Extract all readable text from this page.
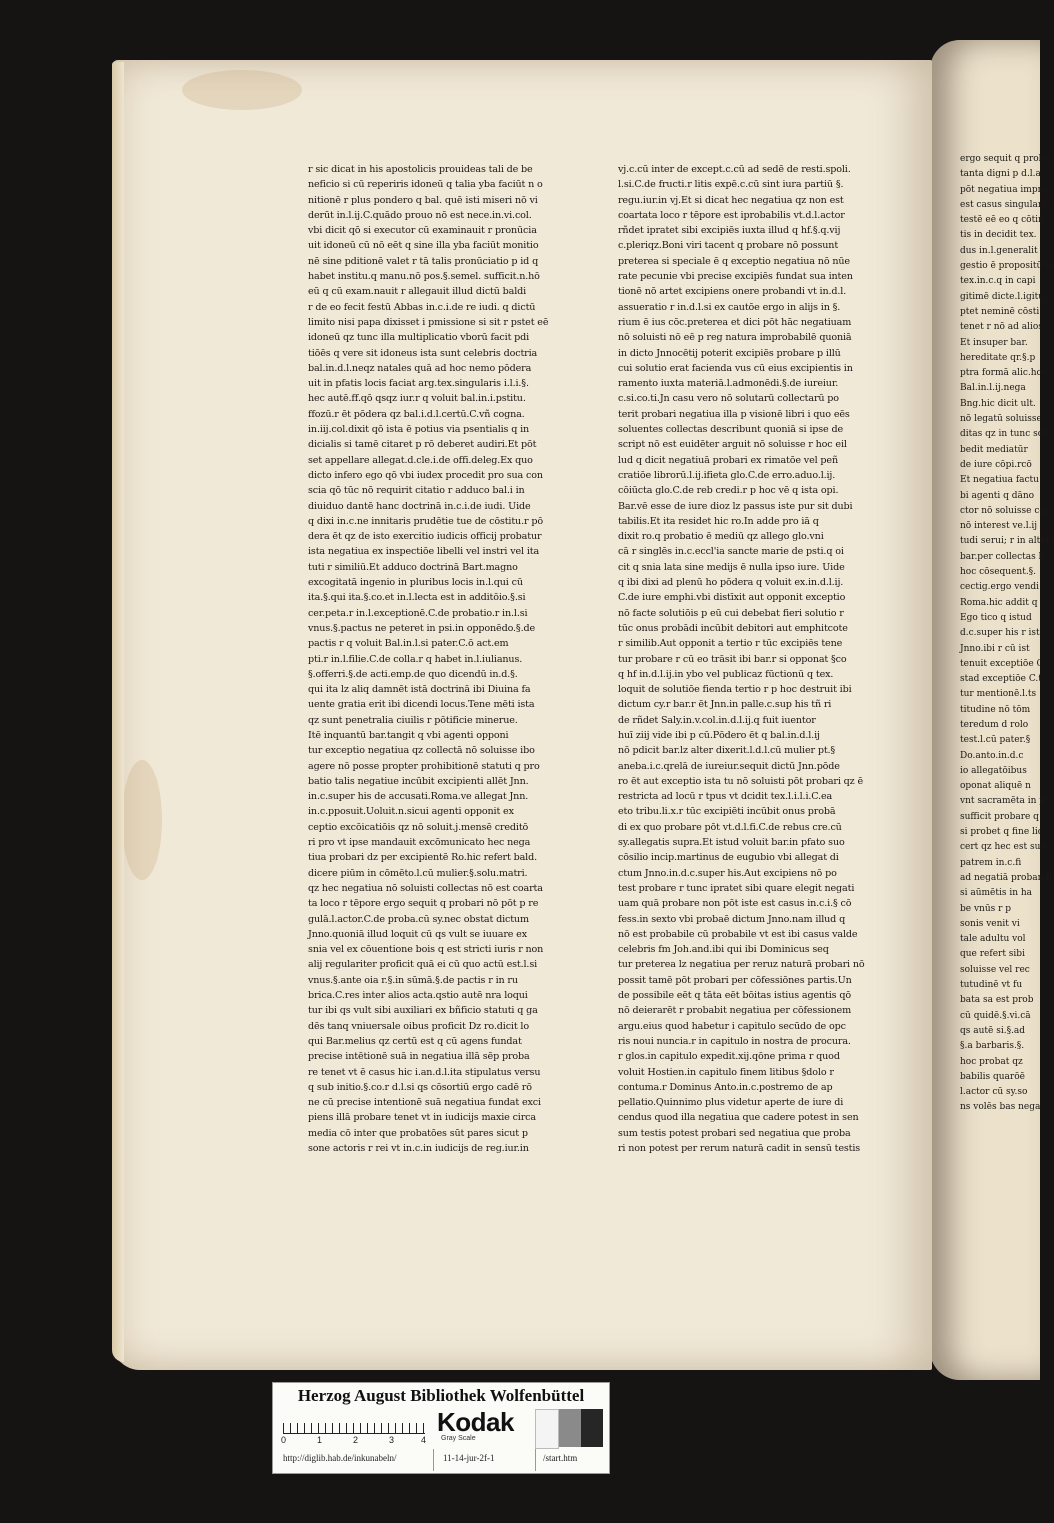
ergo sequit q proba
tanta digni p d.l.a
pōt negatiua impro
est casus singularis
testē eē eo q cōtin
tis in decidit tex.
dus in.l.generalit
gestio ē propositū te
tex.in.c.q in capi
gitimē dicte.l.igitu
ptet neminē cōsti
tenet r nō ad alios
Et insuper bar.
hereditate qr.§.p
ptra formā alic.hoc
Bal.in.l.ij.nega
Bng.hic dicit ult.
nō legatū soluisse
ditas qz in tunc solu
bedit mediatūr
de iure cōpi.rcō
Et negatiua factu
bi agenti q dāno
ctor nō soluisse col
nō interest ve.l.ij
tudi serui; r in alter
bar.per collectas b
hoc cōsequent.§.
cectig.ergo vendi
Roma.hic addit q
Ego tico q istud
d.c.super his r ist
Jnno.ibi r cū ist
tenuit exceptiōe C
stad exceptiōe C.t
tur mentionē.l.ts
titudine nō tōm
teredum d rolo
test.l.cū pater.§
Do.anto.in.d.c
io allegatōibus
oponat aliquē n
vnt sacramēta in p
sufficit probare q
si probet q fine lic
cert qz hec est sua
patrem in.c.fi
ad negatiā probandi
si aūmētis in ha
be vnūs r p
sonis venit vi
tale adultu vol
que refert sibi
soluisse vel rec
tutudinē vt fu
bata sa est prob
cū quidē.§.vi.cā
qs autē si.§.ad
§.a barbaris.§.
hoc probat qz
babilis quarōē
l.actor cū sy.so
ns volēs bas nega
r sic dicat in his apostolicis prouideas tali de be
neficio si cū reperiris idoneū q talia yba faciūt n o
nitionē r plus pondero q bal. quē isti miseri nō vi
derūt in.l.ij.C.quādo prouo nō est nece.in.vi.col.
vbi dicit qō si executor cū examinauit r pronūcia
uit idoneū cū nō eēt q sine illa yba faciūt monitio
nē sine pditionē valet r tā talis pronūciatio p id q
habet institu.q manu.nō pos.§.semel. sufficit.n.hō
eū q cū exam.nauit r allegauit illud dictū baldi
r de eo fecit festū Abbas in.c.i.de re iudi. q dictū
limito nisi papa dixisset i pmissione si sit r pstet eē
idoneū qz tunc illa multiplicatio vborū facit pdi
tiōēs q vere sit idoneus ista sunt celebris doctria
bal.in.d.l.neqz natales quā ad hoc nemo pōdera
uit in pfatis locis faciat arg.tex.singularis i.l.i.§.
hec autē.ff.qō qsqz iur.r q voluit bal.in.i.pstitu.
ffozū.r ēt pōdera qz bal.i.d.l.certū.C.vñ cogna.
in.iij.col.dixit qō ista ē potius via psentialis q in
dicialis si tamē citaret p rō deberet audiri.Et pōt
set appellare allegat.d.cle.i.de offi.deleg.Ex quo
dicto infero ego qō vbi iudex procedit pro sua con
scia qō tūc nō requirit citatio r adduco bal.i in
diuiduo dantē hanc doctrinā in.c.i.de iudi. Uide
q dixi in.c.ne innitaris prudētie tue de cōstitu.r pō
dera ēt qz de isto exercitio iudicis officij probatur
ista negatiua ex inspectiōe libelli vel instri vel ita
tuti r similiū.Et adduco doctrinā Bart.magno
excogitatā ingenio in pluribus locis in.l.qui cū
ita.§.qui ita.§.co.et in.l.lecta est in additōio.§.si
cer.peta.r in.l.exceptionē.C.de probatio.r in.l.si
vnus.§.pactus ne peteret in psi.in opponēdo.§.de
pactis r q voluit Bal.in.l.si pater.C.ō act.em
pti.r in.l.filie.C.de colla.r q habet in.l.iulianus.
§.offerri.§.de acti.emp.de quo dicendū in.d.§.
qui ita lz aliq damnēt istā doctrinā ibi Diuina fa
uente gratia erit ibi dicendi locus.Tene mēti ista
qz sunt penetralia ciuilis r pōtificie minerue.
Itē inquantū bar.tangit q vbi agenti opponi
tur exceptio negatiua qz collectā nō soluisse ibo
agere nō posse propter prohibitionē statuti q pro
batio talis negatiue incūbit excipienti allēt Jnn.
in.c.super his de accusati.Roma.ve allegat Jnn.
in.c.pposuit.Uoluit.n.sicui agenti opponit ex
ceptio excōicatiōis qz nō soluit.j.mensē creditō
ri pro vt ipse mandauit excōmunicato hec nega
tiua probari dz per excipientē Ro.hic refert bald.
dicere piūm in cōmēto.l.cū mulier.§.solu.matri.
qz hec negatiua nō soluisti collectas nō est coarta
ta loco r tēpore ergo sequit q probari nō pōt p re
gulā.l.actor.C.de proba.cū sy.nec obstat dictum
Jnno.quoniā illud loquit cū qs vult se iuuare ex
snia vel ex cōuentione bois q est stricti iuris r non
alij regulariter proficit quā ei cū quo actū est.l.si
vnus.§.ante oia r.§.in sūmā.§.de pactis r in ru
brica.C.res inter alios acta.qstio autē nra loqui
tur ibi qs vult sibi auxiliari ex bñficio statuti q ga
dēs tanq vniuersale oibus proficit Dz ro.dicit lo
qui Bar.melius qz certū est q cū agens fundat
precise intētionē suā in negatiua illā sēp proba
re tenet vt ē casus hic i.an.d.l.ita stipulatus versu
q sub initio.§.co.r d.l.si qs cōsortiū ergo cadē rō
ne cū precise intentionē suā negatiua fundat exci
piens illā probare tenet vt in iudicijs maxie circa
media cō inter que probatōes sūt pares sicut p
sone actoris r rei vt in.c.in iudicijs de reg.iur.in
vj.c.cū inter de except.c.cū ad sedē de resti.spoli.
l.si.C.de fructi.r litis expē.c.cū sint iura partiū §.
regu.iur.in vj.Et si dicat hec negatiua qz non est
coartata loco r tēpore est iprobabilis vt.d.l.actor
rñdet ipratet sibi excipiēs iuxta illud q hf.§.q.vij
c.pleriqz.Boni viri tacent q probare nō possunt
preterea si speciale ē q exceptio negatiua nō nūe
rate pecunie vbi precise excipiēs fundat sua inten
tionē nō artet excipiens onere probandi vt in.d.l.
assueratio r in.d.l.si ex cautōe ergo in alijs in §.
rium ē ius cōc.preterea et dici pōt hāc negatiuam
nō soluisti nō eē p reg natura improbabilē quoniā
in dicto Jnnocētij poterit excipiēs probare p illū
cui solutio erat facienda vus cū eius excipientis in
ramento iuxta materiā.l.admonēdi.§.de iureiur.
c.si.co.ti.Jn casu vero nō solutarū collectarū po
terit probari negatiua illa p visionē libri i quo eēs
soluentes collectas describunt quoniā si ipse de
script nō est euidēter arguit nō soluisse r hoc eil
lud q dicit negatiuā probari ex rimatōe vel peñ
cratiōe librorū.l.ij.ifieta glo.C.de erro.aduo.l.ij.
cōiūcta glo.C.de reb credi.r p hoc vē q ista opi.
Bar.vē esse de iure dioz lz passus iste pur sit dubi
tabilis.Et ita residet hic ro.In adde pro iā q
dixit ro.q probatio ē mediū qz allego glo.vni
cā r singlēs in.c.eccl'ia sancte marie de psti.q oi
cit q snia lata sine medijs ē nulla ipso iure. Uide
q ibi dixi ad plenū ho pōdera q voluit ex.in.d.l.ij.
C.de iure emphi.vbi distīxit aut opponit exceptio
nō facte solutiōis p eū cui debebat fieri solutio r
tūc onus probādi incūbit debitori aut emphitcote
r similib.Aut opponit a tertio r tūc excipiēs tene
tur probare r cū eo trāsit ibi bar.r si opponat §co
q hf in.d.l.ij.in ybo vel publicaz fūctionū q tex.
loquit de solutiōe fienda tertio r p hoc destruit ibi
dictum cy.r bar.r ēt Jnn.in palle.c.sup his tñ ri
de rñdet Saly.in.v.col.in.d.l.ij.q fuit iuentor
huī ziij vide ibi p cū.Pōdero ēt q bal.in.d.l.ij
nō pdicit bar.lz alter dixerit.l.d.l.cū mulier pt.§
aneba.i.c.qrelā de iureiur.sequit dictū Jnn.pōde
ro ēt aut exceptio ista tu nō soluisti pōt probari qz ē
restricta ad locū r tpus vt dcidit tex.l.i.l.i.C.ea
eto tribu.li.x.r tūc excipiēti incūbit onus probā
di ex quo probare pōt vt.d.l.fi.C.de rebus cre.cū
sy.allegatis supra.Et istud voluit bar.in pfato suo
cōsilio incip.martinus de eugubio vbi allegat di
ctum Jnno.in.d.c.super his.Aut excipiens nō po
test probare r tunc ipratet sibi quare elegit negati
uam quā probare non pōt iste est casus in.c.i.§ cō
fess.in sexto vbi probaē dictum Jnno.nam illud q
nō est probabile cū probabile vt est ibi casus valde
celebris fm Joh.and.ibi qui ibi Dominicus seq
tur preterea lz negatiua per reruz naturā probari nō
possit tamē pōt probari per cōfessiōnes partis.Un
de possibile eēt q tāta eēt bōitas istius agentis qō
nō deierarēt r probabit negatiua per cōfessionem
argu.eius quod habetur i capitulo secūdo de opc
ris noui nuncia.r in capitulo in nostra de procura.
r glos.in capitulo expedit.xij.qōne prima r quod
voluit Hostien.in capitulo finem litibus §dolo r
contuma.r Dominus Anto.in.c.postremo de ap
pellatio.Quinnimo plus videtur aperte de iure di
cendus quod illa negatiua que cadere potest in sen
sum testis potest probari sed negatiua que proba
ri non potest per rerum naturā cadit in sensū testis
Herzog August Bibliothek Wolfenbüttel
0	1	2	3	4
Kodak
Gray Scale
http://diglib.hab.de/inkunabeln/	11-14-jur-2f-1	/start.htm
